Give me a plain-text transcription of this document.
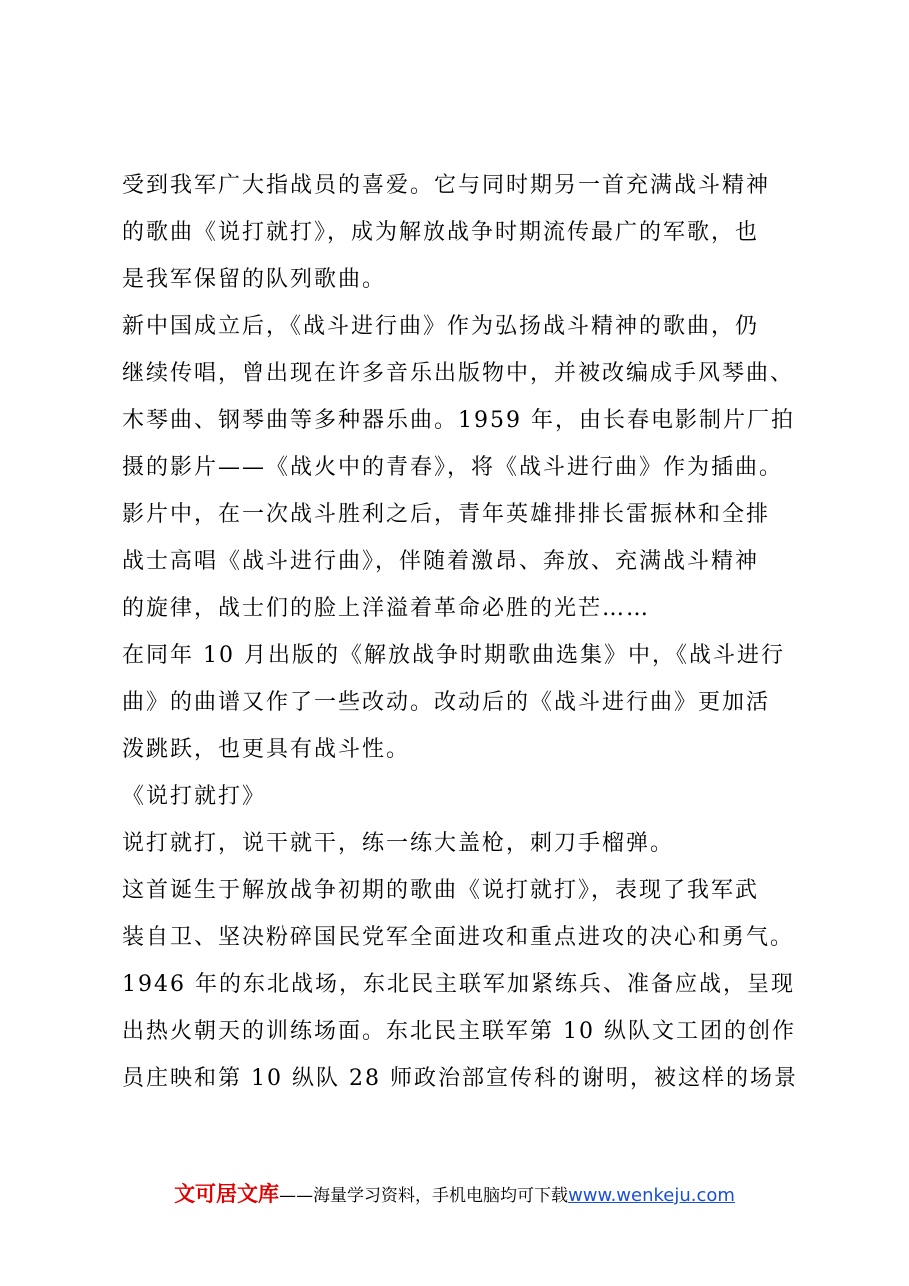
受到我军广大指战员的喜爱。它与同时期另一首充满战斗精神
的歌曲《说打就打》，成为解放战争时期流传最广的军歌，也
是我军保留的队列歌曲。
新中国成立后，《战斗进行曲》作为弘扬战斗精神的歌曲，仍
继续传唱，曾出现在许多音乐出版物中，并被改编成手风琴曲、
木琴曲、钢琴曲等多种器乐曲。1959 年，由长春电影制片厂拍
摄的影片——《战火中的青春》，将《战斗进行曲》作为插曲。
影片中，在一次战斗胜利之后，青年英雄排排长雷振林和全排
战士高唱《战斗进行曲》，伴随着激昂、奔放、充满战斗精神
的旋律，战士们的脸上洋溢着革命必胜的光芒……
在同年 10 月出版的《解放战争时期歌曲选集》中，《战斗进行
曲》的曲谱又作了一些改动。改动后的《战斗进行曲》更加活
泼跳跃，也更具有战斗性。
《说打就打》
说打就打，说干就干，练一练大盖枪，刺刀手榴弹。
这首诞生于解放战争初期的歌曲《说打就打》，表现了我军武
装自卫、坚决粉碎国民党军全面进攻和重点进攻的决心和勇气。
1946 年的东北战场，东北民主联军加紧练兵、准备应战，呈现
出热火朝天的训练场面。东北民主联军第 10 纵队文工团的创作
员庄映和第 10 纵队 28 师政治部宣传科的谢明，被这样的场景
文可居文库——海量学习资料，手机电脑均可下载www.wenkeju.com
